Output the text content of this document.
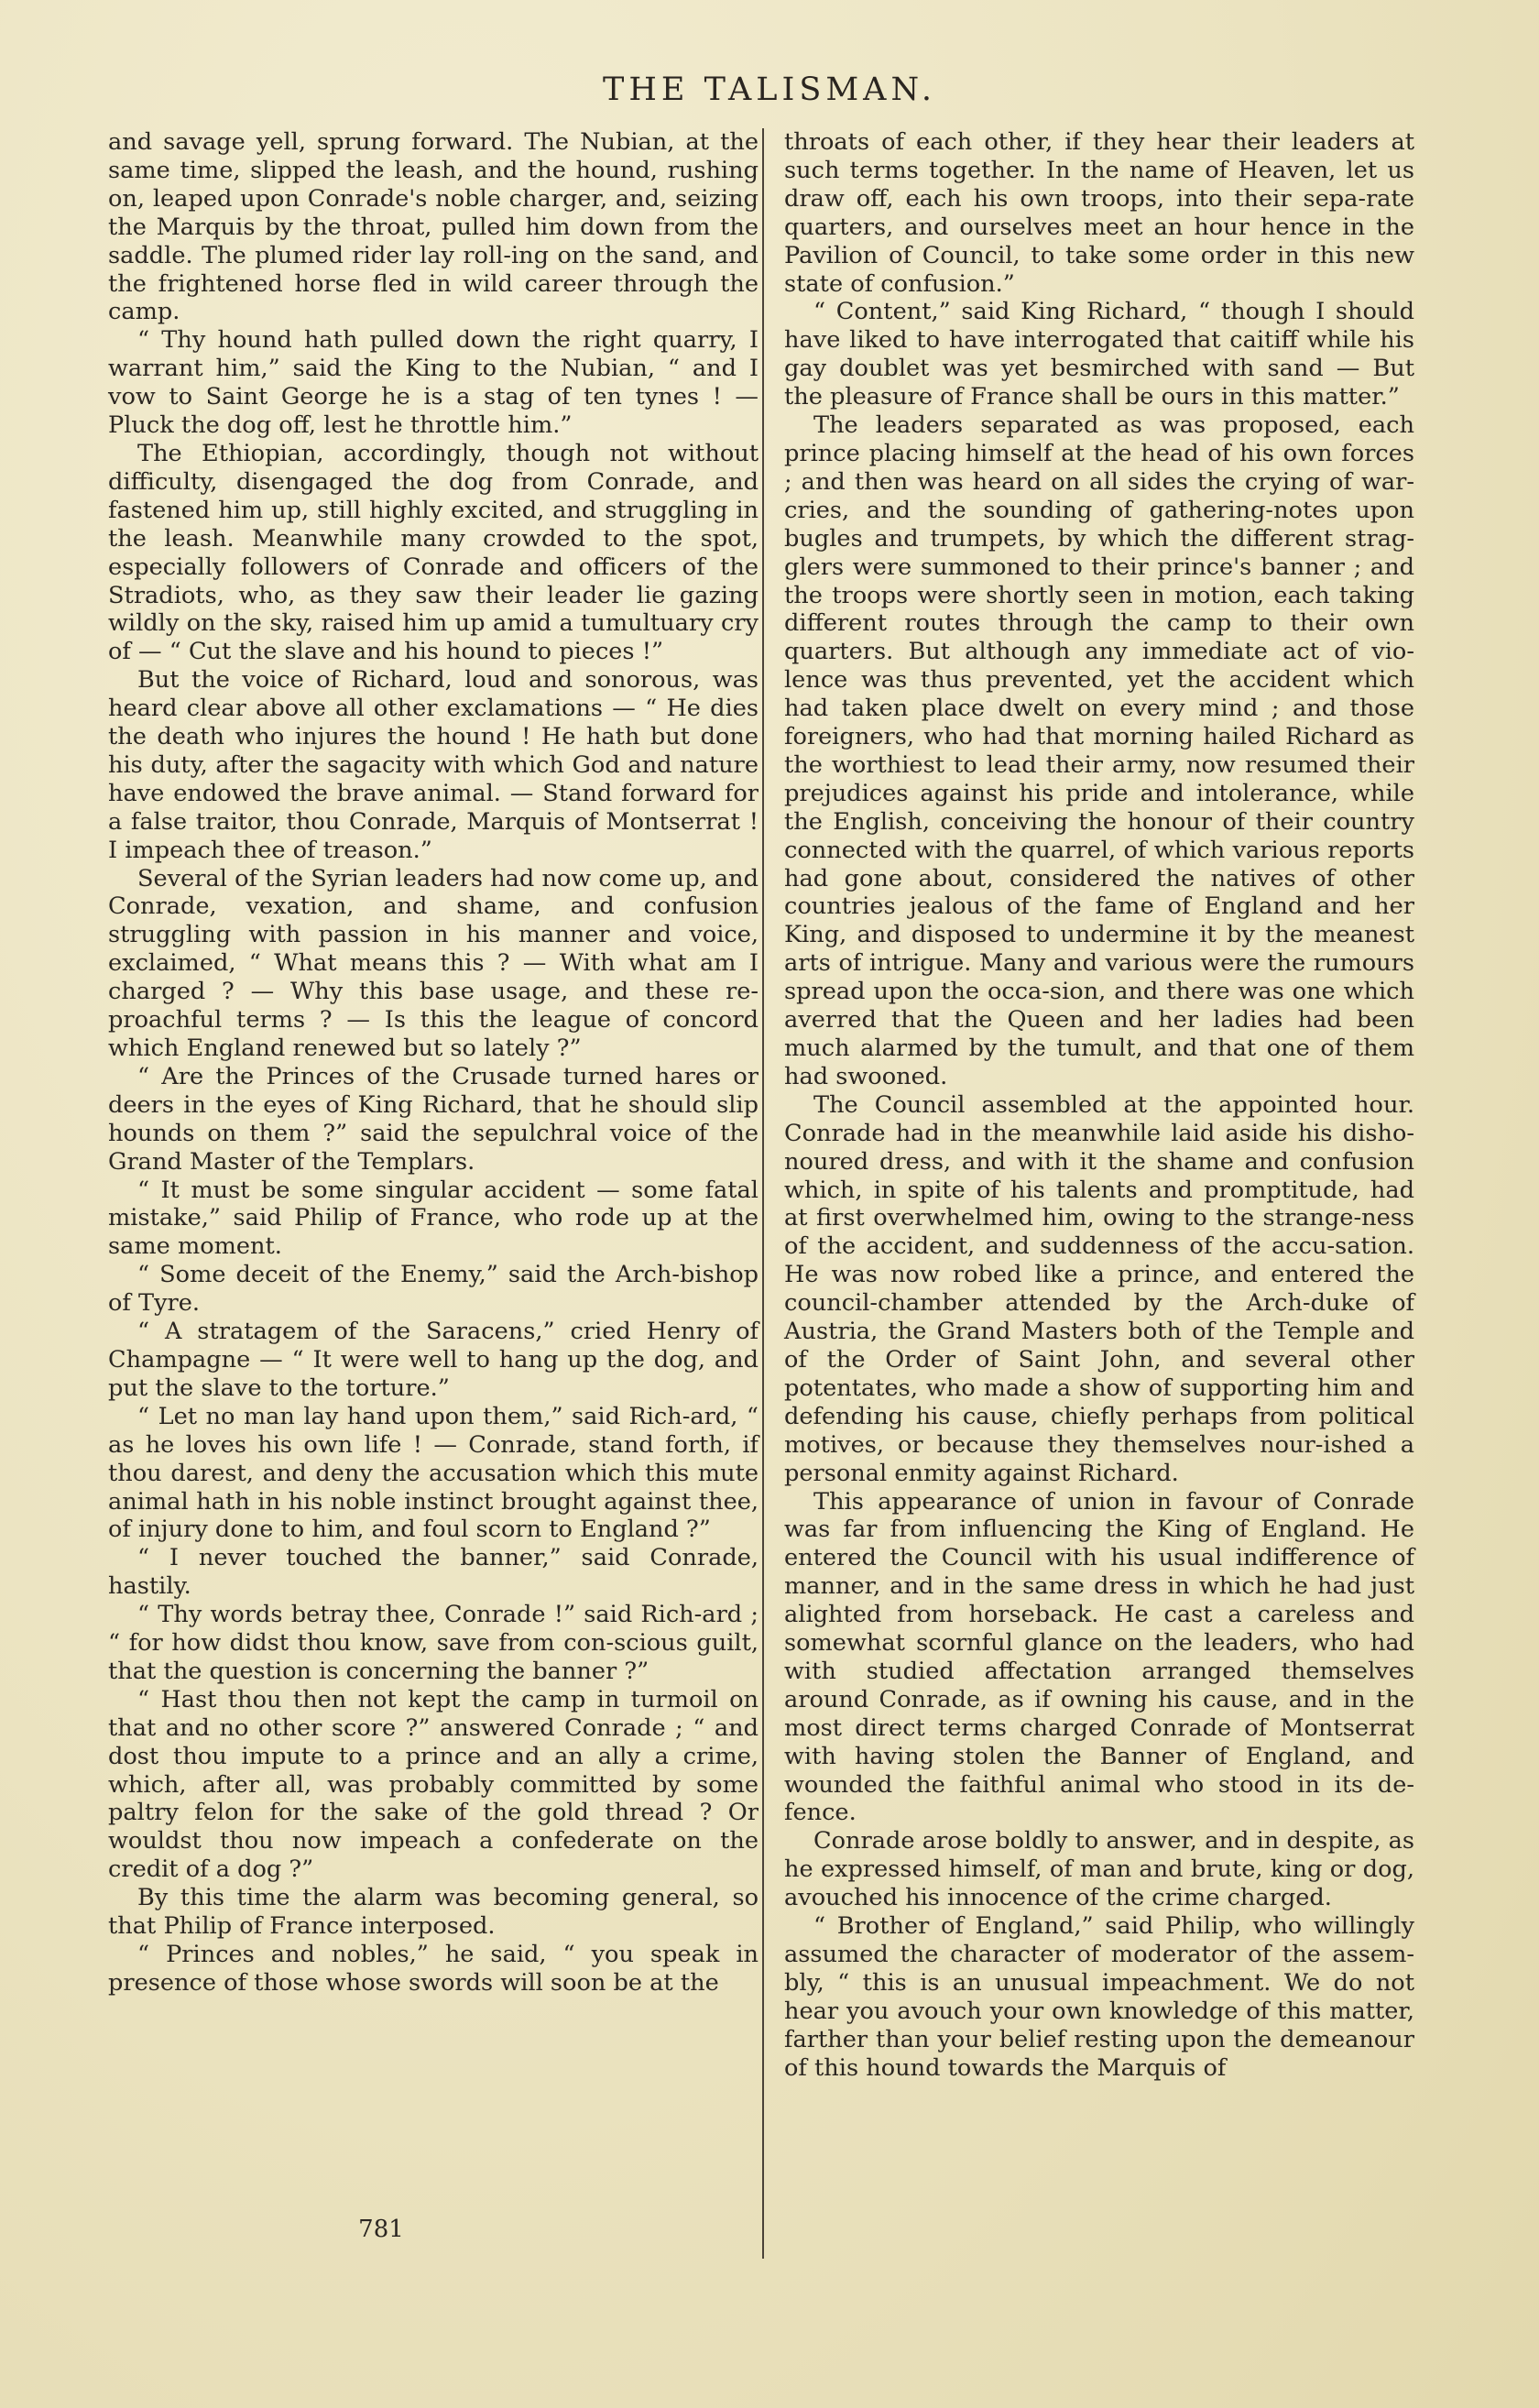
THE TALISMAN.

and savage yell, sprung forward. The Nubian, at the same time, slipped the leash, and the hound, rushing on, leaped upon Conrade's noble charger, and, seizing the Marquis by the throat, pulled him down from the saddle. The plumed rider lay roll-ing on the sand, and the frightened horse fled in wild career through the camp.

“ Thy hound hath pulled down the right quarry, I warrant him,” said the King to the Nubian, “ and I vow to Saint George he is a stag of ten tynes ! — Pluck the dog off, lest he throttle him.”

The Ethiopian, accordingly, though not without difficulty, disengaged the dog from Conrade, and fastened him up, still highly excited, and struggling in the leash. Meanwhile many crowded to the spot, especially followers of Conrade and officers of the Stradiots, who, as they saw their leader lie gazing wildly on the sky, raised him up amid a tumultuary cry of — “ Cut the slave and his hound to pieces !”

But the voice of Richard, loud and sonorous, was heard clear above all other exclamations — “ He dies the death who injures the hound ! He hath but done his duty, after the sagacity with which God and nature have endowed the brave animal. — Stand forward for a false traitor, thou Conrade, Marquis of Montserrat ! I impeach thee of treason.”

Several of the Syrian leaders had now come up, and Conrade, vexation, and shame, and confusion struggling with passion in his manner and voice, exclaimed, “ What means this ? — With what am I charged ? — Why this base usage, and these re-proachful terms ? — Is this the league of concord which England renewed but so lately ?”

“ Are the Princes of the Crusade turned hares or deers in the eyes of King Richard, that he should slip hounds on them ?” said the sepulchral voice of the Grand Master of the Templars.

“ It must be some singular accident — some fatal mistake,” said Philip of France, who rode up at the same moment.

“ Some deceit of the Enemy,” said the Arch-bishop of Tyre.

“ A stratagem of the Saracens,” cried Henry of Champagne — “ It were well to hang up the dog, and put the slave to the torture.”

“ Let no man lay hand upon them,” said Rich-ard, “ as he loves his own life ! — Conrade, stand forth, if thou darest, and deny the accusation which this mute animal hath in his noble instinct brought against thee, of injury done to him, and foul scorn to England ?”

“ I never touched the banner,” said Conrade, hastily.

“ Thy words betray thee, Conrade !” said Rich-ard ; “ for how didst thou know, save from con-scious guilt, that the question is concerning the banner ?”

“ Hast thou then not kept the camp in turmoil on that and no other score ?” answered Conrade ; “ and dost thou impute to a prince and an ally a crime, which, after all, was probably committed by some paltry felon for the sake of the gold thread ? Or wouldst thou now impeach a confederate on the credit of a dog ?”

By this time the alarm was becoming general, so that Philip of France interposed.

“ Princes and nobles,” he said, “ you speak in presence of those whose swords will soon be at the

throats of each other, if they hear their leaders at such terms together. In the name of Heaven, let us draw off, each his own troops, into their sepa-rate quarters, and ourselves meet an hour hence in the Pavilion of Council, to take some order in this new state of confusion.”

“ Content,” said King Richard, “ though I should have liked to have interrogated that caitiff while his gay doublet was yet besmirched with sand — But the pleasure of France shall be ours in this matter.”

The leaders separated as was proposed, each prince placing himself at the head of his own forces ; and then was heard on all sides the crying of war-cries, and the sounding of gathering-notes upon bugles and trumpets, by which the different strag-glers were summoned to their prince's banner ; and the troops were shortly seen in motion, each taking different routes through the camp to their own quarters. But although any immediate act of vio-lence was thus prevented, yet the accident which had taken place dwelt on every mind ; and those foreigners, who had that morning hailed Richard as the worthiest to lead their army, now resumed their prejudices against his pride and intolerance, while the English, conceiving the honour of their country connected with the quarrel, of which various reports had gone about, considered the natives of other countries jealous of the fame of England and her King, and disposed to undermine it by the meanest arts of intrigue. Many and various were the rumours spread upon the occa-sion, and there was one which averred that the Queen and her ladies had been much alarmed by the tumult, and that one of them had swooned.

The Council assembled at the appointed hour. Conrade had in the meanwhile laid aside his disho-noured dress, and with it the shame and confusion which, in spite of his talents and promptitude, had at first overwhelmed him, owing to the strange-ness of the accident, and suddenness of the accu-sation. He was now robed like a prince, and entered the council-chamber attended by the Arch-duke of Austria, the Grand Masters both of the Temple and of the Order of Saint John, and several other potentates, who made a show of supporting him and defending his cause, chiefly perhaps from political motives, or because they themselves nour-ished a personal enmity against Richard.

This appearance of union in favour of Conrade was far from influencing the King of England. He entered the Council with his usual indifference of manner, and in the same dress in which he had just alighted from horseback. He cast a careless and somewhat scornful glance on the leaders, who had with studied affectation arranged themselves around Conrade, as if owning his cause, and in the most direct terms charged Conrade of Montserrat with having stolen the Banner of England, and wounded the faithful animal who stood in its de-fence.

Conrade arose boldly to answer, and in despite, as he expressed himself, of man and brute, king or dog, avouched his innocence of the crime charged.

“ Brother of England,” said Philip, who willingly assumed the character of moderator of the assem-bly, “ this is an unusual impeachment. We do not hear you avouch your own knowledge of this matter, farther than your belief resting upon the demeanour of this hound towards the Marquis of

781
